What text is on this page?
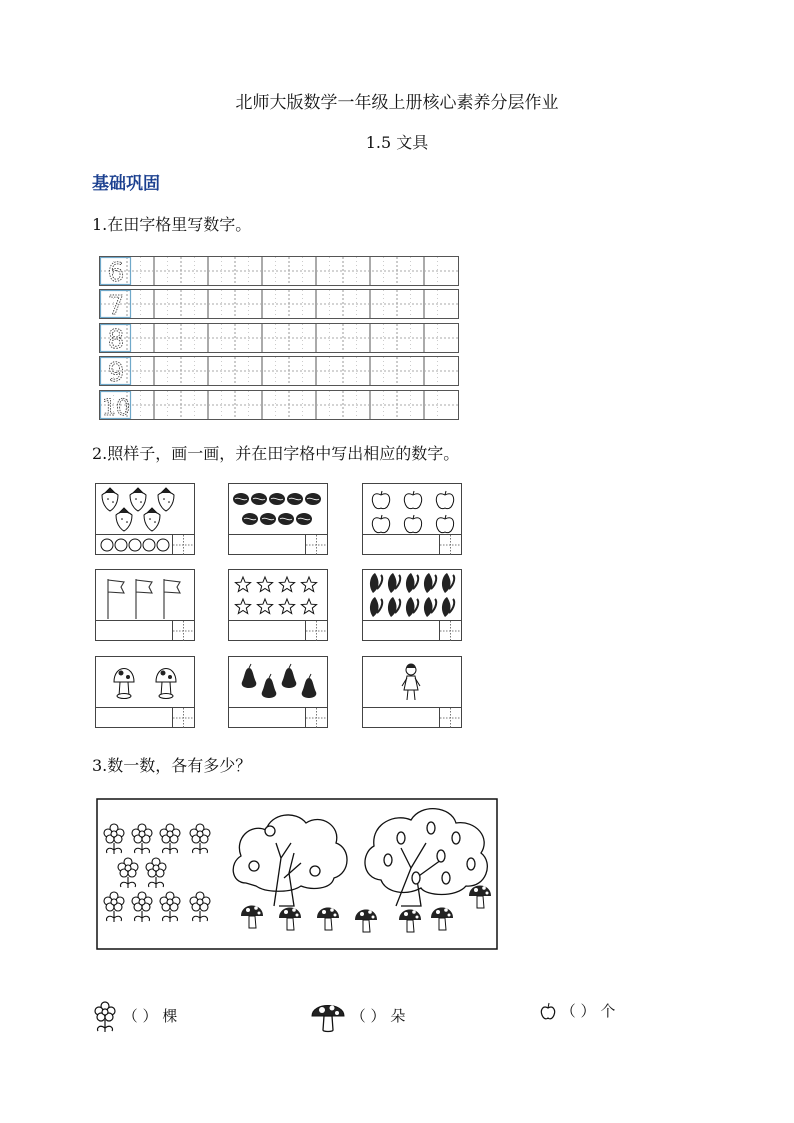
北师大版数学一年级上册核心素养分层作业
1.5 文具
基础巩固
1.在田字格里写数字。
6
7
8
9
10
2.照样子，画一画，并在田字格中写出相应的数字。
3.数一数，各有多少？
（ ） 棵	（ ） 朵	（ ） 个
